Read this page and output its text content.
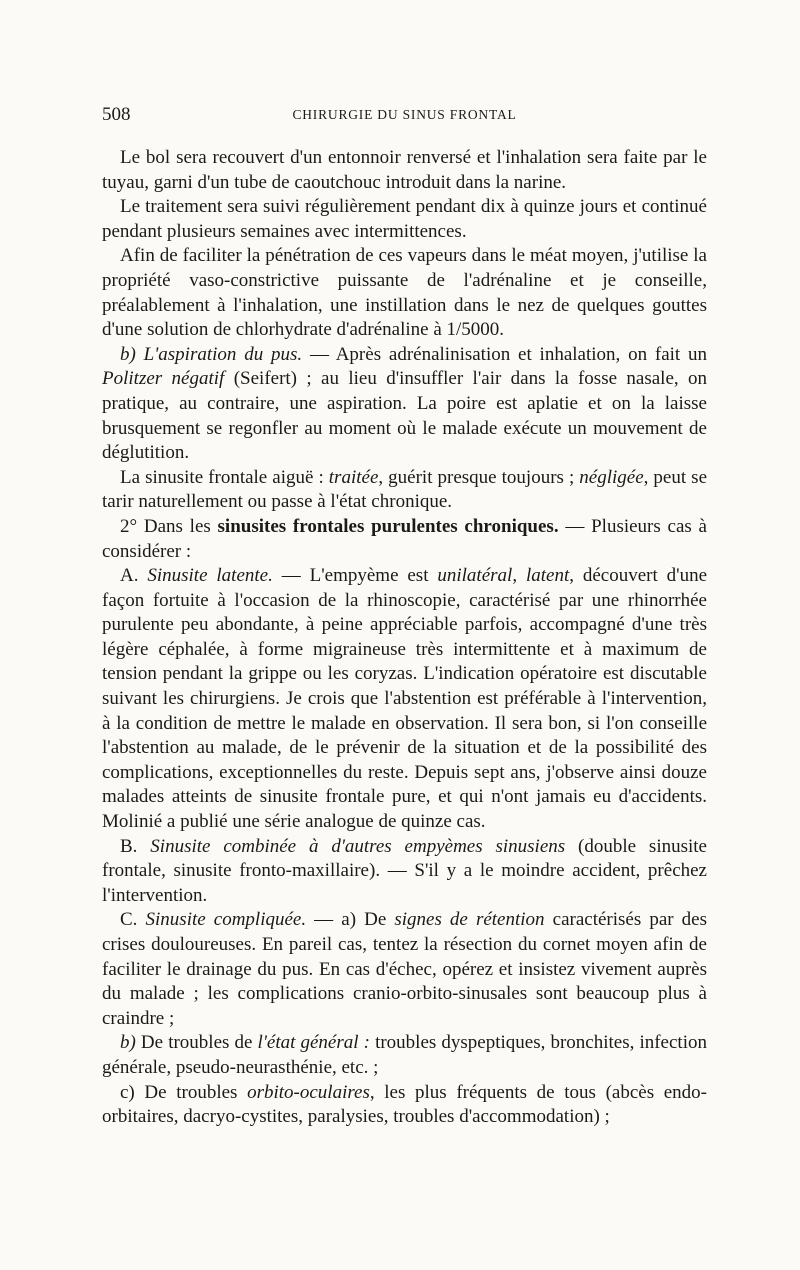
508	CHIRURGIE DU SINUS FRONTAL

Le bol sera recouvert d'un entonnoir renversé et l'inhalation sera faite par le tuyau, garni d'un tube de caoutchouc introduit dans la narine.

Le traitement sera suivi régulièrement pendant dix à quinze jours et continué pendant plusieurs semaines avec intermittences.

Afin de faciliter la pénétration de ces vapeurs dans le méat moyen, j'utilise la propriété vaso-constrictive puissante de l'adrénaline et je conseille, préalablement à l'inhalation, une instillation dans le nez de quelques gouttes d'une solution de chlorhydrate d'adrénaline à 1/5000.

b) L'aspiration du pus. — Après adrénalinisation et inhalation, on fait un Politzer négatif (Seifert) ; au lieu d'insuffler l'air dans la fosse nasale, on pratique, au contraire, une aspiration. La poire est aplatie et on la laisse brusquement se regonfler au moment où le malade exécute un mouvement de déglutition.

La sinusite frontale aiguë : traitée, guérit presque toujours ; négligée, peut se tarir naturellement ou passe à l'état chronique.

2° Dans les sinusites frontales purulentes chroniques. — Plusieurs cas à considérer :

A. Sinusite latente. — L'empyème est unilatéral, latent, découvert d'une façon fortuite à l'occasion de la rhinoscopie, caractérisé par une rhinorrhée purulente peu abondante, à peine appréciable parfois, accompagné d'une très légère céphalée, à forme migraineuse très intermittente et à maximum de tension pendant la grippe ou les coryzas. L'indication opératoire est discutable suivant les chirurgiens. Je crois que l'abstention est préférable à l'intervention, à la condition de mettre le malade en observation. Il sera bon, si l'on conseille l'abstention au malade, de le prévenir de la situation et de la possibilité des complications, exceptionnelles du reste. Depuis sept ans, j'observe ainsi douze malades atteints de sinusite frontale pure, et qui n'ont jamais eu d'accidents. Molinié a publié une série analogue de quinze cas.

B. Sinusite combinée à d'autres empyèmes sinusiens (double sinusite frontale, sinusite fronto-maxillaire). — S'il y a le moindre accident, prêchez l'intervention.

C. Sinusite compliquée. — a) De signes de rétention caractérisés par des crises douloureuses. En pareil cas, tentez la résection du cornet moyen afin de faciliter le drainage du pus. En cas d'échec, opérez et insistez vivement auprès du malade ; les complications cranio-orbito-sinusales sont beaucoup plus à craindre ;

b) De troubles de l'état général : troubles dyspeptiques, bronchites, infection générale, pseudo-neurasthénie, etc. ;

c) De troubles orbito-oculaires, les plus fréquents de tous (abcès endo-orbitaires, dacryo-cystites, paralysies, troubles d'accommodation) ;
